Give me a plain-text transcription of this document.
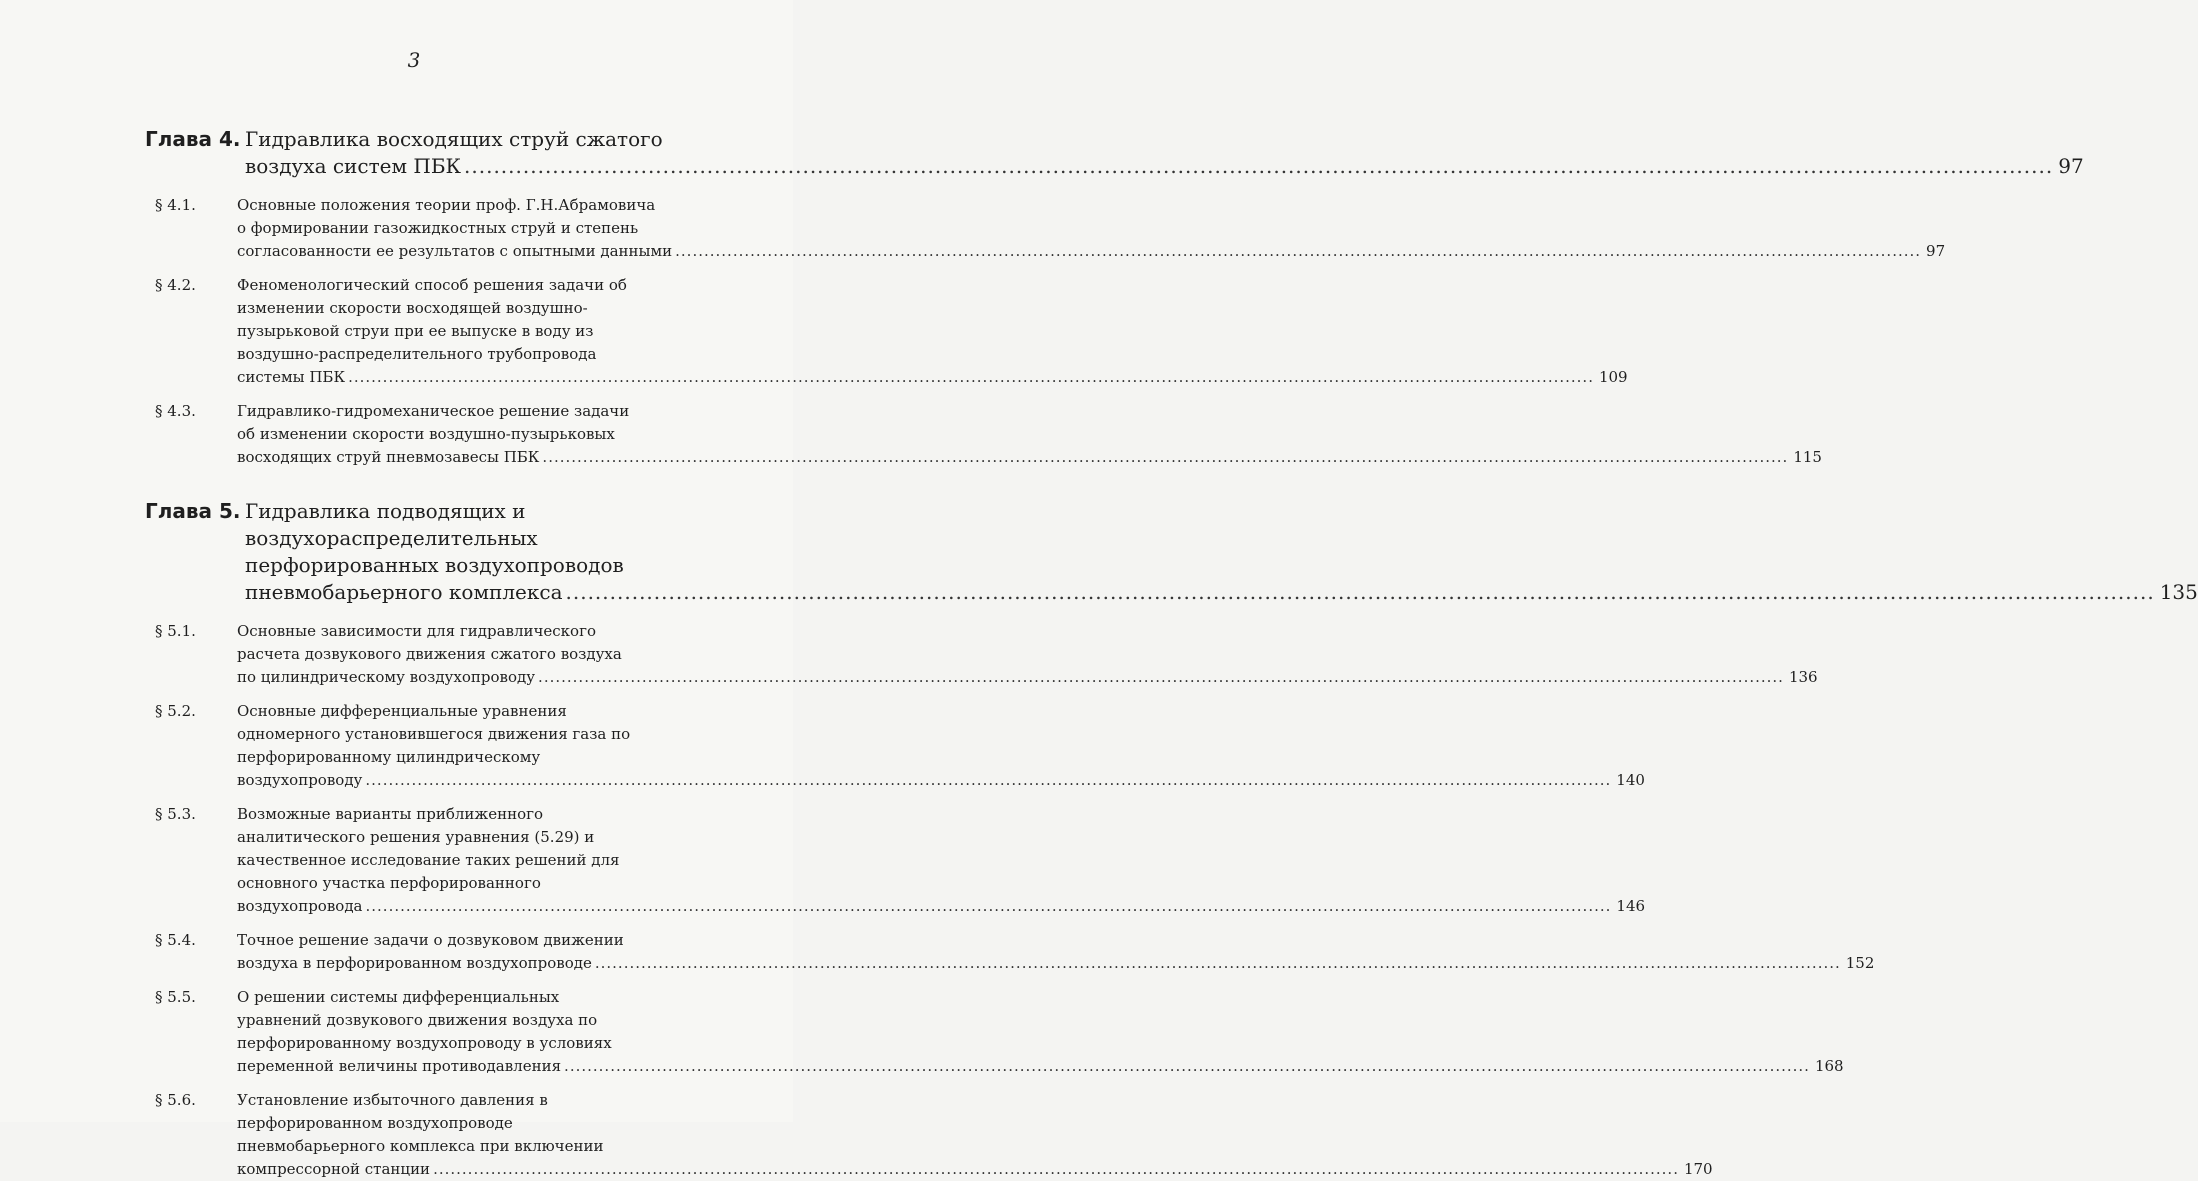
3
Глава 4. Гидравлика восходящих струй сжатого
воздуха систем ПБК .....	97
§ 4.1.	Основные положения теории проф. Г.Н.Абрамовича
о формировании газожидкостных струй и степень
согласованности ее результатов с опытными данными .....	97
§ 4.2.	Феноменологический способ решения задачи об
изменении скорости восходящей воздушно-
пузырьковой струи при ее выпуске в воду из
воздушно-распределительного трубопровода
системы ПБК .....	109
§ 4.3.	Гидравлико-гидромеханическое решение задачи
об изменении скорости воздушно-пузырьковых
восходящих струй пневмозавесы ПБК .....	115
Глава 5. Гидравлика подводящих и
воздухораспределительных
перфорированных воздухопроводов
пневмобарьерного комплекса .....	135
§ 5.1.	Основные зависимости для гидравлического
расчета дозвукового движения сжатого воздуха
по цилиндрическому воздухопроводу .....	136
§ 5.2.	Основные дифференциальные уравнения
одномерного установившегося движения газа по
перфорированному цилиндрическому
воздухопроводу .....	140
§ 5.3.	Возможные варианты приближенного
аналитического решения уравнения (5.29) и
качественное исследование таких решений для
основного участка перфорированного
воздухопровода .....	146
§ 5.4.	Точное решение задачи о дозвуковом движении
воздуха в перфорированном воздухопроводе .....	152
§ 5.5.	О решении системы дифференциальных
уравнений дозвукового движения воздуха по
перфорированному воздухопроводу в условиях
переменной величины противодавления .....	168
§ 5.6.	Установление избыточного давления в
перфорированном воздухопроводе
пневмобарьерного комплекса при включении
компрессорной станции .....	170
